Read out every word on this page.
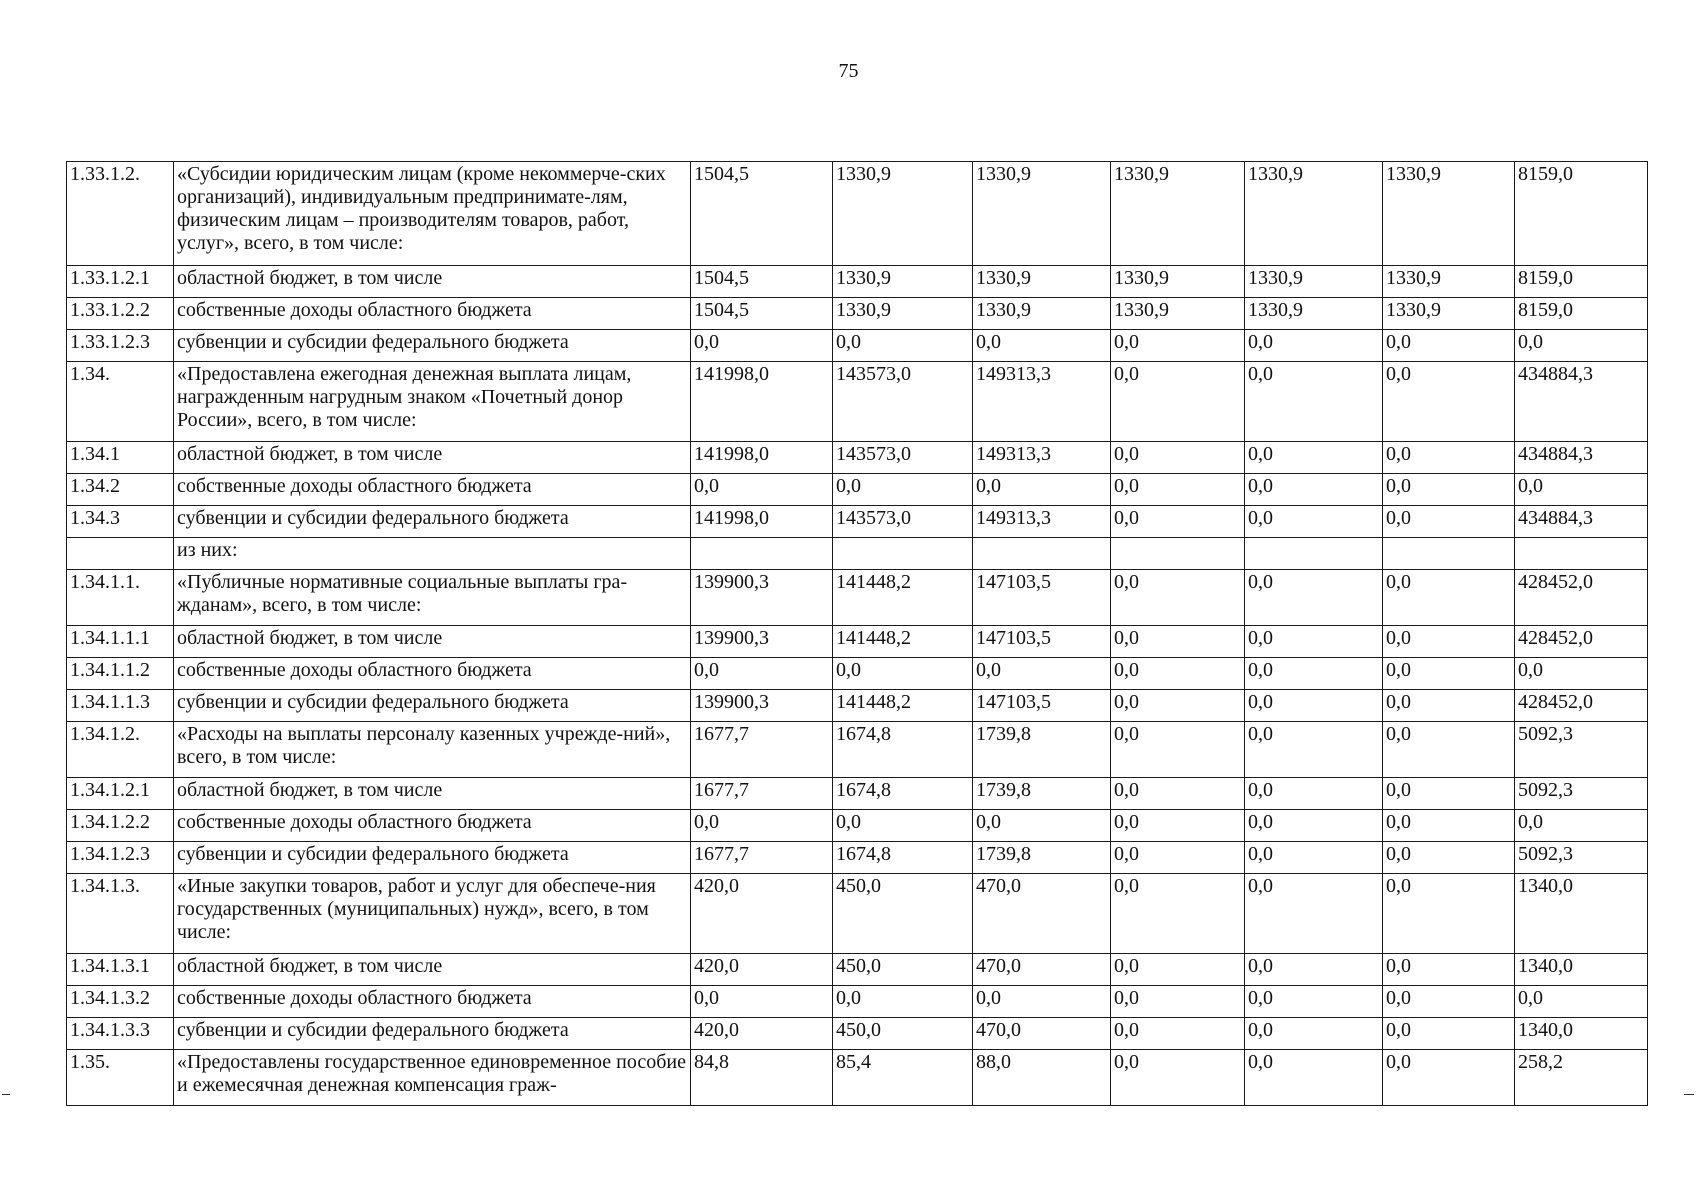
75
1.33.1.2.	«Субсидии юридическим лицам (кроме некоммерче-ских организаций), индивидуальным предпринимате-лям, физическим лицам – производителям товаров, работ, услуг», всего, в том числе:	1504,5	1330,9	1330,9	1330,9	1330,9	1330,9	8159,0
1.33.1.2.1	областной бюджет, в том числе	1504,5	1330,9	1330,9	1330,9	1330,9	1330,9	8159,0
1.33.1.2.2	собственные доходы областного бюджета	1504,5	1330,9	1330,9	1330,9	1330,9	1330,9	8159,0
1.33.1.2.3	субвенции и субсидии федерального бюджета	0,0	0,0	0,0	0,0	0,0	0,0	0,0
1.34.	«Предоставлена ежегодная денежная выплата лицам, награжденным нагрудным знаком «Почетный донор России», всего, в том числе:	141998,0	143573,0	149313,3	0,0	0,0	0,0	434884,3
1.34.1	областной бюджет, в том числе	141998,0	143573,0	149313,3	0,0	0,0	0,0	434884,3
1.34.2	собственные доходы областного бюджета	0,0	0,0	0,0	0,0	0,0	0,0	0,0
1.34.3	субвенции и субсидии федерального бюджета	141998,0	143573,0	149313,3	0,0	0,0	0,0	434884,3
	из них:							
1.34.1.1.	«Публичные нормативные социальные выплаты гра-жданам», всего, в том числе:	139900,3	141448,2	147103,5	0,0	0,0	0,0	428452,0
1.34.1.1.1	областной бюджет, в том числе	139900,3	141448,2	147103,5	0,0	0,0	0,0	428452,0
1.34.1.1.2	собственные доходы областного бюджета	0,0	0,0	0,0	0,0	0,0	0,0	0,0
1.34.1.1.3	субвенции и субсидии федерального бюджета	139900,3	141448,2	147103,5	0,0	0,0	0,0	428452,0
1.34.1.2.	«Расходы на выплаты персоналу казенных учрежде-ний», всего, в том числе:	1677,7	1674,8	1739,8	0,0	0,0	0,0	5092,3
1.34.1.2.1	областной бюджет, в том числе	1677,7	1674,8	1739,8	0,0	0,0	0,0	5092,3
1.34.1.2.2	собственные доходы областного бюджета	0,0	0,0	0,0	0,0	0,0	0,0	0,0
1.34.1.2.3	субвенции и субсидии федерального бюджета	1677,7	1674,8	1739,8	0,0	0,0	0,0	5092,3
1.34.1.3.	«Иные закупки товаров, работ и услуг для обеспече-ния государственных (муниципальных) нужд», всего, в том числе:	420,0	450,0	470,0	0,0	0,0	0,0	1340,0
1.34.1.3.1	областной бюджет, в том числе	420,0	450,0	470,0	0,0	0,0	0,0	1340,0
1.34.1.3.2	собственные доходы областного бюджета	0,0	0,0	0,0	0,0	0,0	0,0	0,0
1.34.1.3.3	субвенции и субсидии федерального бюджета	420,0	450,0	470,0	0,0	0,0	0,0	1340,0
1.35.	«Предоставлены государственное единовременное пособие и ежемесячная денежная компенсация граж-	84,8	85,4	88,0	0,0	0,0	0,0	258,2
